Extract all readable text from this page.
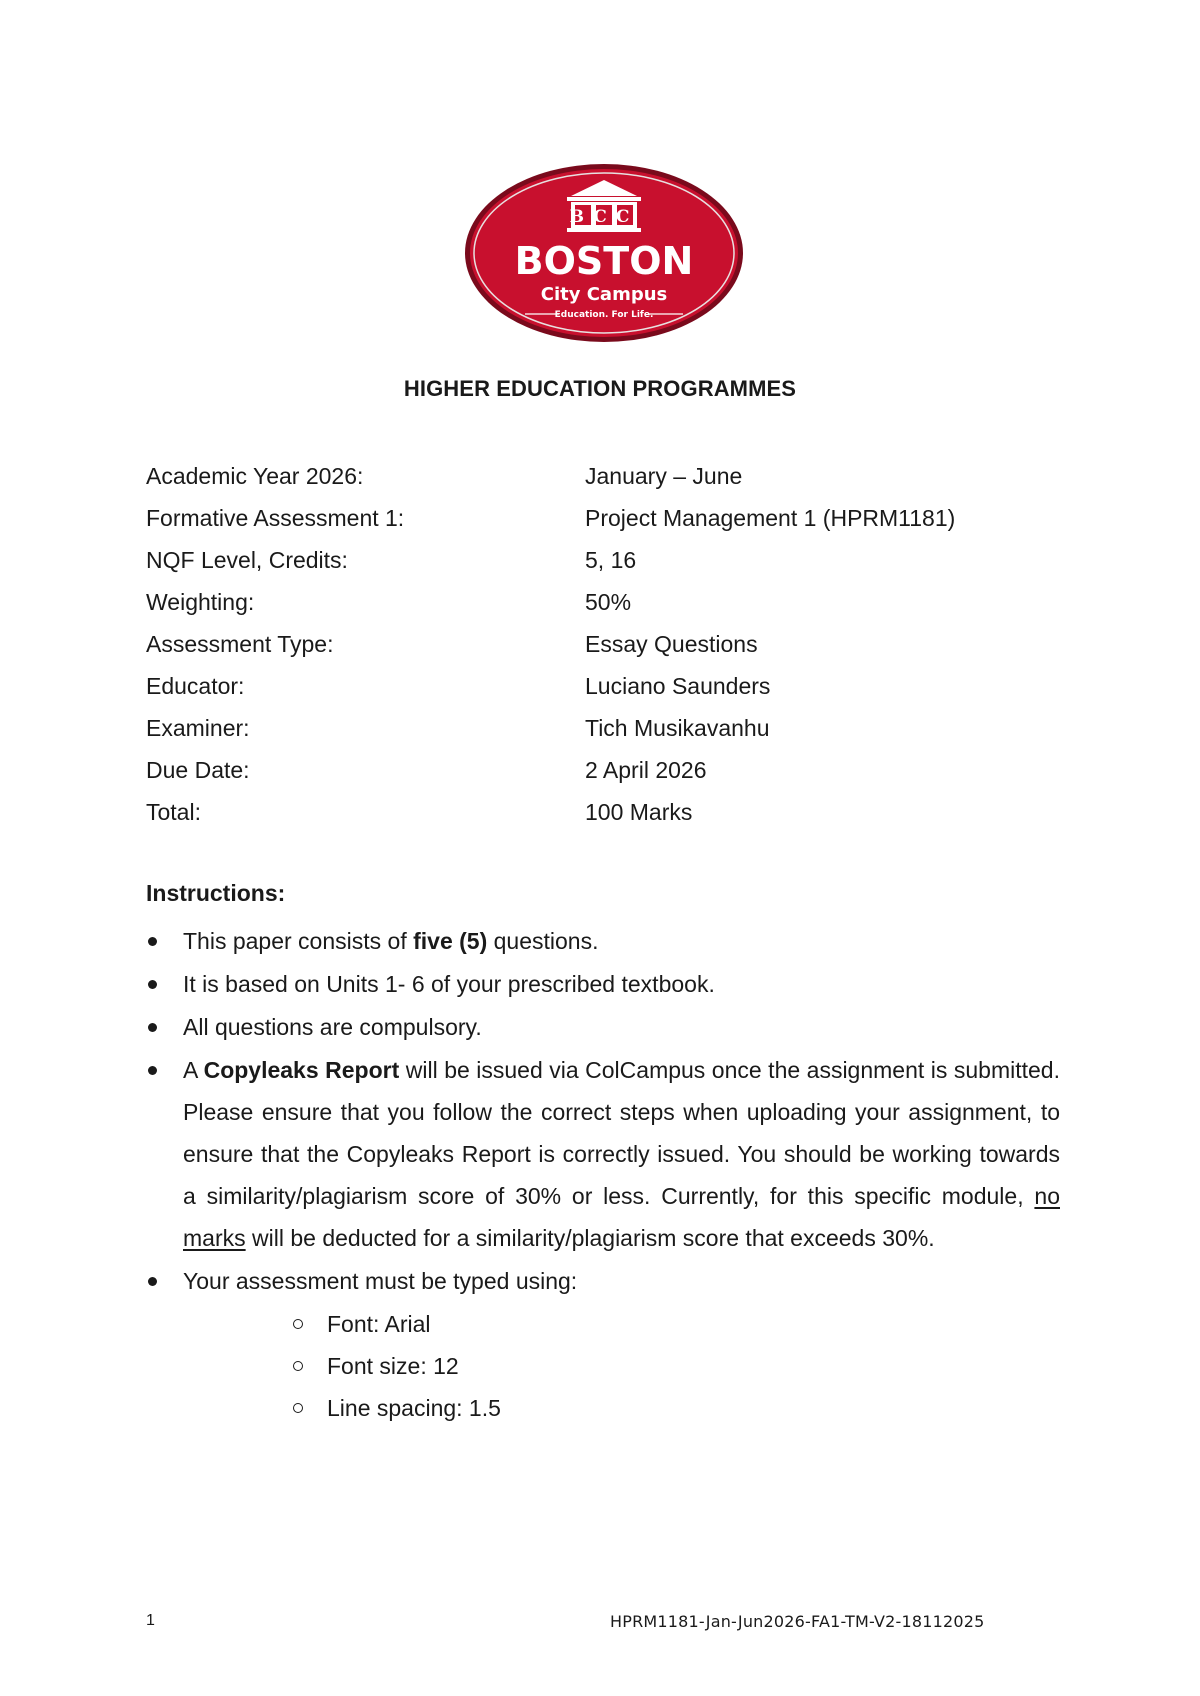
BCC
BOSTON
City Campus
Education. For Life.
HIGHER EDUCATION PROGRAMMES
Academic Year 2026:	January – June
Formative Assessment 1:	Project Management 1 (HPRM1181)
NQF Level, Credits:	5, 16
Weighting:	50%
Assessment Type:	Essay Questions
Educator:	Luciano Saunders
Examiner:	Tich Musikavanhu
Due Date:	2 April 2026
Total:	100 Marks
Instructions:
This paper consists of five (5) questions.
It is based on Units 1- 6 of your prescribed textbook.
All questions are compulsory.
A Copyleaks Report will be issued via ColCampus once the assignment is submitted. Please ensure that you follow the correct steps when uploading your assignment, to ensure that the Copyleaks Report is correctly issued. You should be working towards a similarity/plagiarism score of 30% or less. Currently, for this specific module, no marks will be deducted for a similarity/plagiarism score that exceeds 30%.
Your assessment must be typed using:
Font: Arial
Font size: 12
Line spacing: 1.5
1	HPRM1181-Jan-Jun2026-FA1-TM-V2-18112025
